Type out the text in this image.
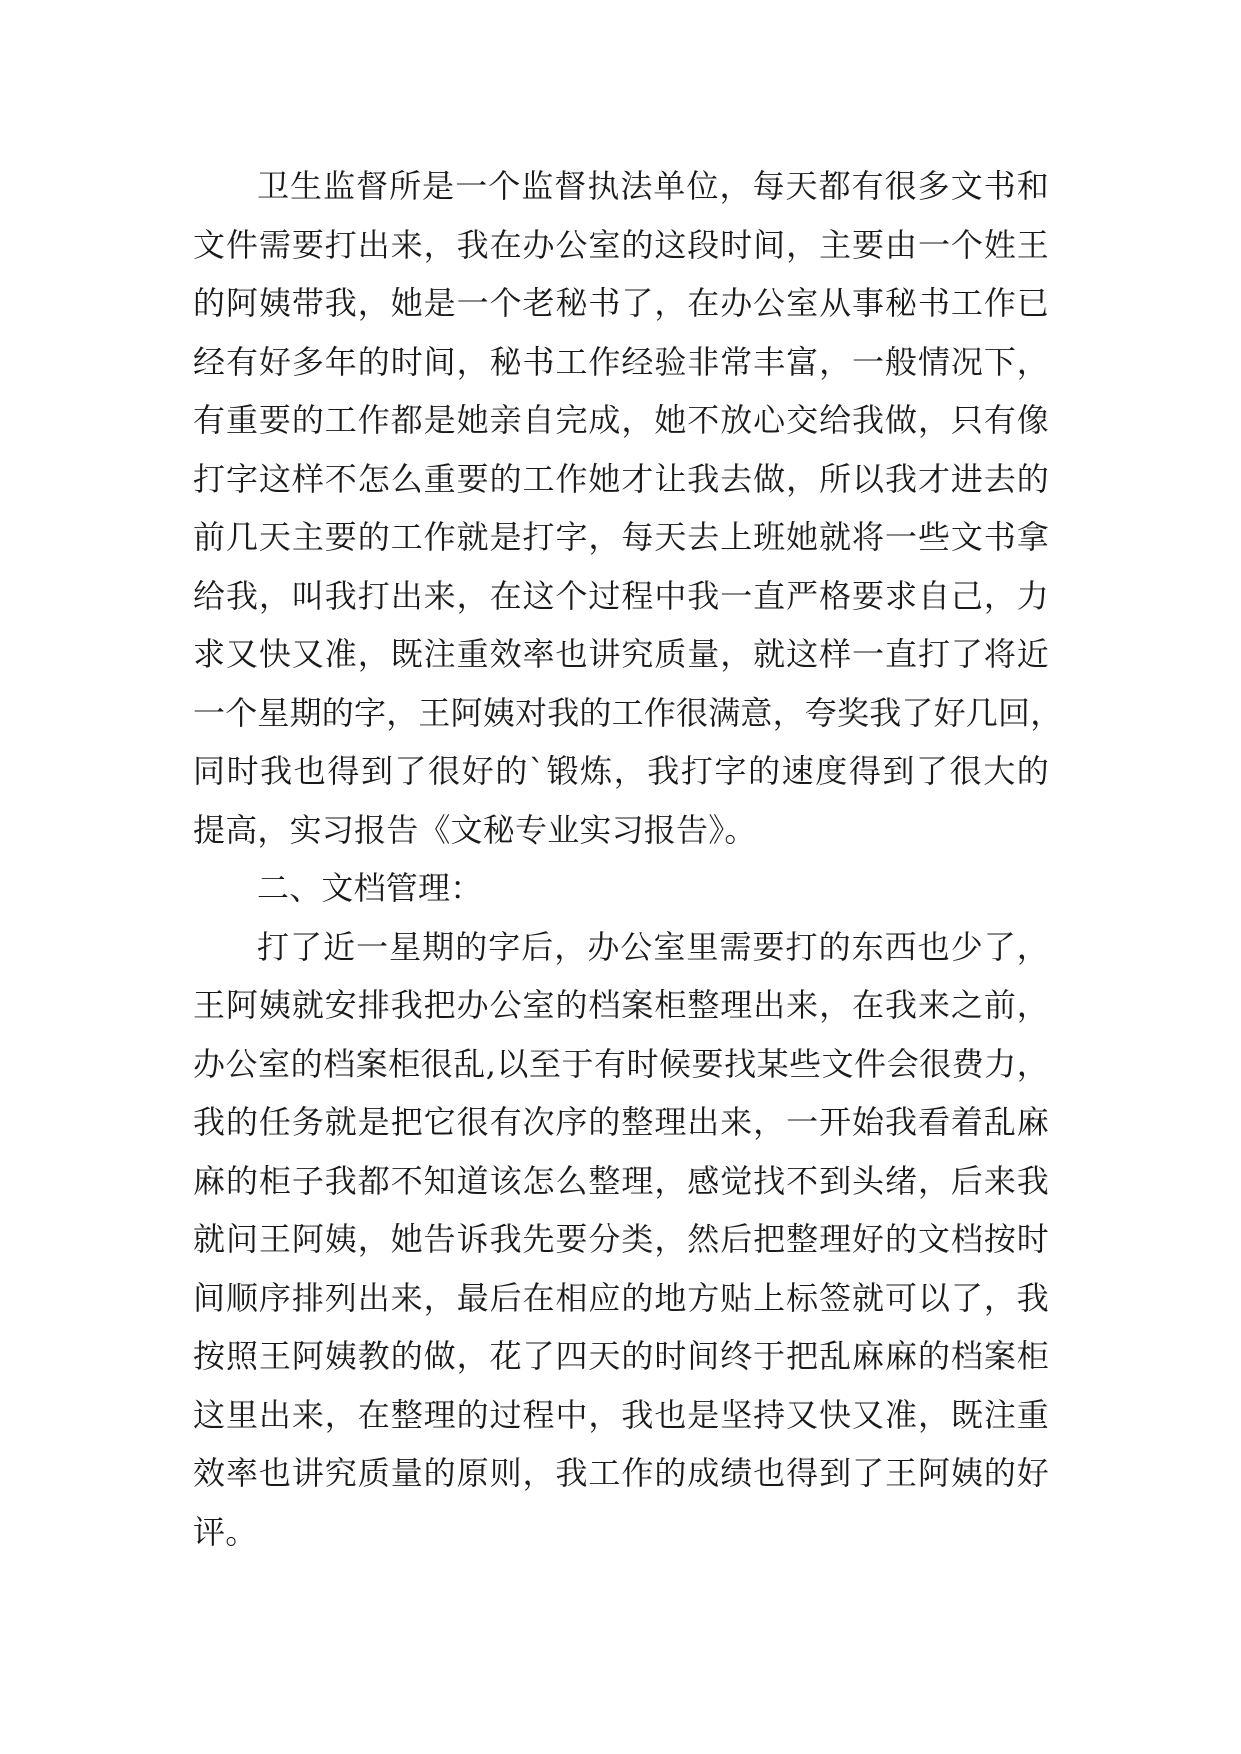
卫生监督所是一个监督执法单位，每天都有很多文书和
文件需要打出来，我在办公室的这段时间，主要由一个姓王
的阿姨带我，她是一个老秘书了，在办公室从事秘书工作已
经有好多年的时间，秘书工作经验非常丰富，一般情况下，
有重要的工作都是她亲自完成，她不放心交给我做，只有像
打字这样不怎么重要的工作她才让我去做，所以我才进去的
前几天主要的工作就是打字，每天去上班她就将一些文书拿
给我，叫我打出来，在这个过程中我一直严格要求自己，力
求又快又准，既注重效率也讲究质量，就这样一直打了将近
一个星期的字，王阿姨对我的工作很满意，夸奖我了好几回，
同时我也得到了很好的`锻炼，我打字的速度得到了很大的
提高，实习报告《文秘专业实习报告》。
二、文档管理：
打了近一星期的字后，办公室里需要打的东西也少了，
王阿姨就安排我把办公室的档案柜整理出来，在我来之前，
办公室的档案柜很乱,以至于有时候要找某些文件会很费力，
我的任务就是把它很有次序的整理出来，一开始我看着乱麻
麻的柜子我都不知道该怎么整理，感觉找不到头绪，后来我
就问王阿姨，她告诉我先要分类，然后把整理好的文档按时
间顺序排列出来，最后在相应的地方贴上标签就可以了，我
按照王阿姨教的做，花了四天的时间终于把乱麻麻的档案柜
这里出来，在整理的过程中，我也是坚持又快又准，既注重
效率也讲究质量的原则，我工作的成绩也得到了王阿姨的好
评。
